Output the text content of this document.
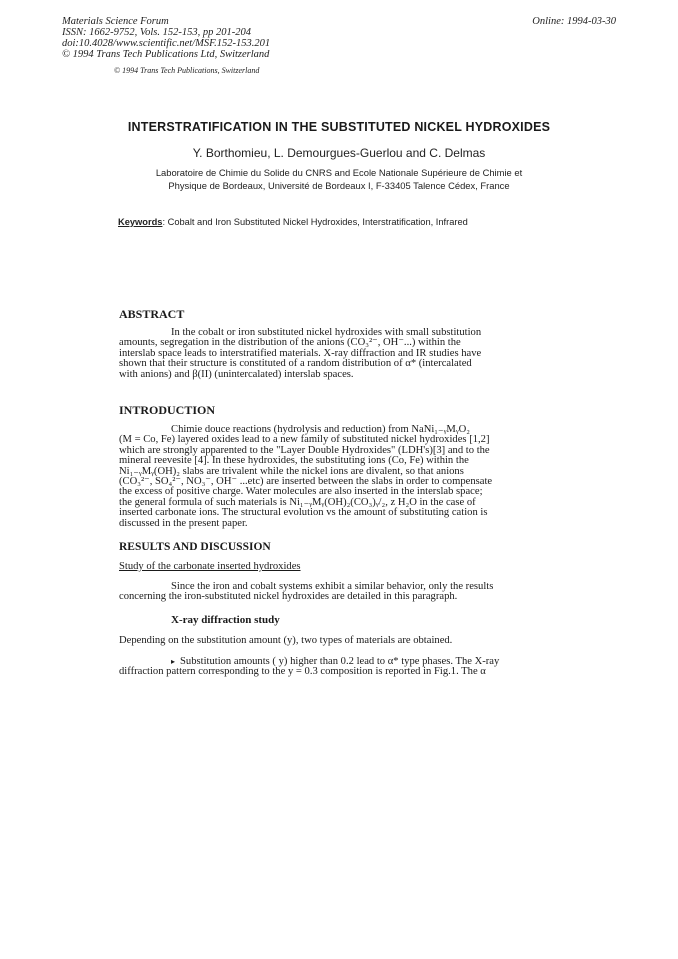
Materials Science Forum
ISSN: 1662-9752, Vols. 152-153, pp 201-204
doi:10.4028/www.scientific.net/MSF.152-153.201
© 1994 Trans Tech Publications Ltd, Switzerland
Online: 1994-03-30
© 1994 Trans Tech Publications, Switzerland
INTERSTRATIFICATION IN THE SUBSTITUTED NICKEL HYDROXIDES
Y. Borthomieu, L. Demourgues-Guerlou and C. Delmas
Laboratoire de Chimie du Solide du CNRS and Ecole Nationale Supérieure de Chimie et
Physique de Bordeaux, Université de Bordeaux I, F-33405 Talence Cédex, France
Keywords: Cobalt and Iron Substituted Nickel Hydroxides, Interstratification, Infrared
ABSTRACT
In the cobalt or iron substituted nickel hydroxides with small substitution
amounts, segregation in the distribution of the anions (CO₃²⁻, OH⁻...) within the
interslab space leads to interstratified materials. X-ray diffraction and IR studies have
shown that their structure is constituted of a random distribution of α* (intercalated
with anions) and β(II) (unintercalated) interslab spaces.
INTRODUCTION
Chimie douce reactions (hydrolysis and reduction) from NaNi₁₋ᵧMᵧO₂
(M = Co, Fe) layered oxides lead to a new family of substituted nickel hydroxides [1,2]
which are strongly apparented to the "Layer Double Hydroxides" (LDH's)[3] and to the
mineral reevesite [4]. In these hydroxides, the substituting ions (Co, Fe) within the
Ni₁₋ᵧMᵧ(OH)₂ slabs are trivalent while the nickel ions are divalent, so that anions
(CO₃²⁻, SO₄²⁻, NO₃⁻, OH⁻ ...etc) are inserted between the slabs in order to compensate
the excess of positive charge. Water molecules are also inserted in the interslab space;
the general formula of such materials is Ni₁₋ᵧMᵧ(OH)₂(CO₃)ᵧ/₂, z H₂O in the case of
inserted carbonate ions. The structural evolution vs the amount of substituting cation is
discussed in the present paper.
RESULTS AND DISCUSSION
Study of the carbonate inserted hydroxides
Since the iron and cobalt systems exhibit a similar behavior, only the results
concerning the iron-substituted nickel hydroxides are detailed in this paragraph.
X-ray diffraction study
Depending on the substitution amount (y), two types of materials are obtained.
▸ Substitution amounts ( y) higher than 0.2 lead to α* type phases. The X-ray
diffraction pattern corresponding to the y = 0.3 composition is reported in Fig.1. The α
